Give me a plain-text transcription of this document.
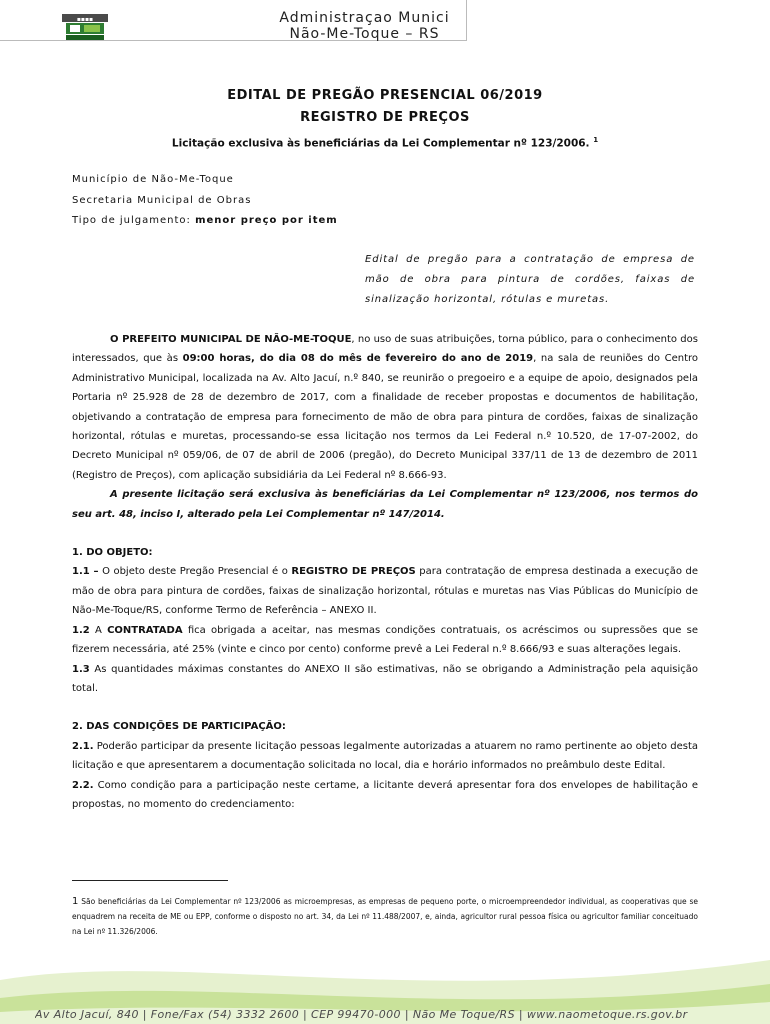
▪▪▪▪	Administraçao Munici
Não-Me-Toque – RS
EDITAL DE PREGÃO PRESENCIAL 06/2019
REGISTRO DE PREÇOS
Licitação exclusiva às beneficiárias da Lei Complementar nº 123/2006. $^1$
Município de Não-Me-Toque
Secretaria Municipal de Obras
Tipo de julgamento: menor preço por item
Edital de pregão para a contratação de empresa de mão de obra para pintura de cordões, faixas de sinalização horizontal, rótulas e muretas.

O PREFEITO MUNICIPAL DE NÃO-ME-TOQUE, no uso de suas atribuições, torna público, para o conhecimento dos interessados, que às 09:00 horas, do dia 08 do mês de fevereiro do ano de 2019, na sala de reuniões do Centro Administrativo Municipal, localizada na Av. Alto Jacuí, n.º 840, se reunirão o pregoeiro e a equipe de apoio, designados pela Portaria nº 25.928 de 28 de dezembro de 2017, com a finalidade de receber propostas e documentos de habilitação, objetivando a contratação de empresa para fornecimento de mão de obra para pintura de cordões, faixas de sinalização horizontal, rótulas e muretas, processando-se essa licitação nos termos da Lei Federal n.º 10.520, de 17-07-2002, do Decreto Municipal nº 059/06, de 07 de abril de 2006 (pregão), do Decreto Municipal 337/11 de 13 de dezembro de 2011 (Registro de Preços), com aplicação subsidiária da Lei Federal nº 8.666-93.

A presente licitação será exclusiva às beneficiárias da Lei Complementar nº 123/2006, nos termos do seu art. 48, inciso I, alterado pela Lei Complementar nº 147/2014.

1. DO OBJETO:

1.1 – O objeto deste Pregão Presencial é o REGISTRO DE PREÇOS para contratação de empresa destinada a execução de mão de obra para pintura de cordões, faixas de sinalização horizontal, rótulas e muretas nas Vias Públicas do Município de Não-Me-Toque/RS, conforme Termo de Referência – ANEXO II.

1.2 A CONTRATADA fica obrigada a aceitar, nas mesmas condições contratuais, os acréscimos ou supressões que se fizerem necessária, até 25% (vinte e cinco por cento) conforme prevê a Lei Federal n.º 8.666/93 e suas alterações legais.

1.3 As quantidades máximas constantes do ANEXO II são estimativas, não se obrigando a Administração pela aquisição total.

2. DAS CONDIÇÕES DE PARTICIPAÇÃO:

2.1. Poderão participar da presente licitação pessoas legalmente autorizadas a atuarem no ramo pertinente ao objeto desta licitação e que apresentarem a documentação solicitada no local, dia e horário informados no preâmbulo deste Edital.

2.2. Como condição para a participação neste certame, a licitante deverá apresentar fora dos envelopes de habilitação e propostas, no momento do credenciamento:

1 São beneficiárias da Lei Complementar nº 123/2006 as microempresas, as empresas de pequeno porte, o microempreendedor individual, as cooperativas que se enquadrem na receita de ME ou EPP, conforme o disposto no art. 34, da Lei nº 11.488/2007, e, ainda, agricultor rural pessoa física ou agricultor familiar conceituado na Lei nº 11.326/2006.
Av Alto Jacuí, 840 | Fone/Fax (54) 3332 2600 | CEP 99470-000 | Não Me Toque/RS | www.naometoque.rs.gov.br
